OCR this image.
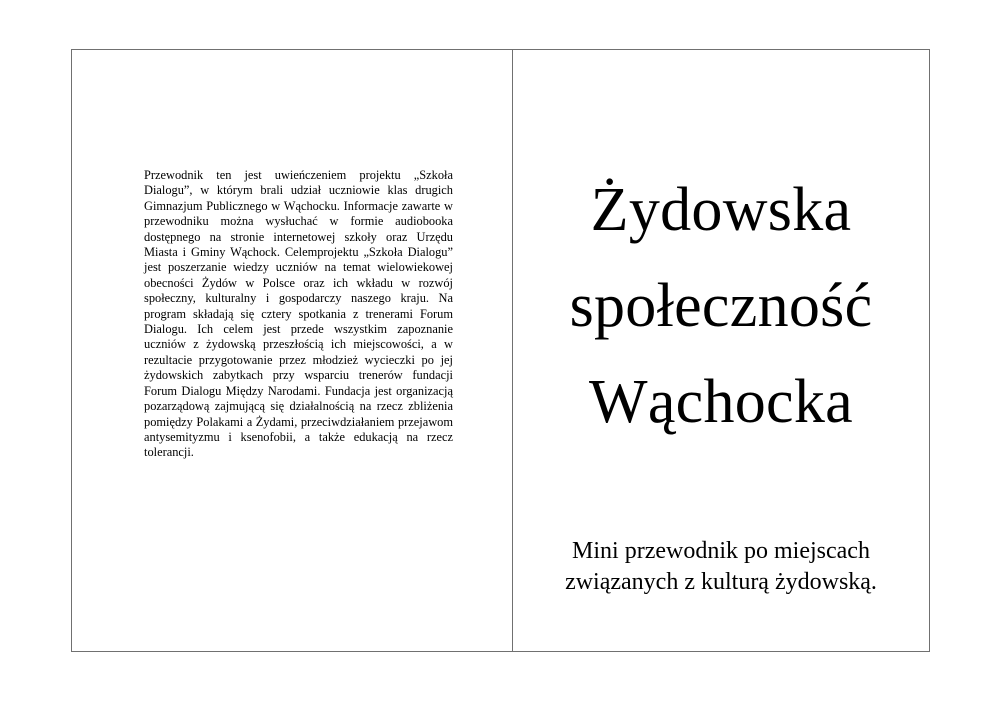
Przewodnik ten jest uwieńczeniem projektu „Szkoła Dialogu”, w którym brali udział uczniowie klas drugich Gimnazjum Publicznego w Wąchocku. Informacje zawarte w przewodniku można wysłuchać w formie audiobooka dostępnego na stronie internetowej szkoły oraz Urzędu Miasta i Gminy Wąchock. Celemprojektu „Szkoła Dialogu” jest poszerzanie wiedzy uczniów na temat wielowiekowej obecności Żydów w Polsce oraz ich wkładu w rozwój społeczny, kulturalny i gospodarczy naszego kraju. Na program składają się cztery spotkania z trenerami Forum Dialogu. Ich celem jest przede wszystkim zapoznanie uczniów z żydowską przeszłością ich miejscowości, a w rezultacie przygotowanie przez młodzież wycieczki po jej żydowskich zabytkach przy wsparciu trenerów fundacji Forum Dialogu Między Narodami. Fundacja jest organizacją pozarządową zajmującą się działalnością na rzecz zbliżenia pomiędzy Polakami a Żydami, przeciwdziałaniem przejawom antysemityzmu i ksenofobii, a także edukacją na rzecz tolerancji.

Żydowska
społeczność
Wąchocka

Mini przewodnik po miejscach
związanych z kulturą żydowską.
